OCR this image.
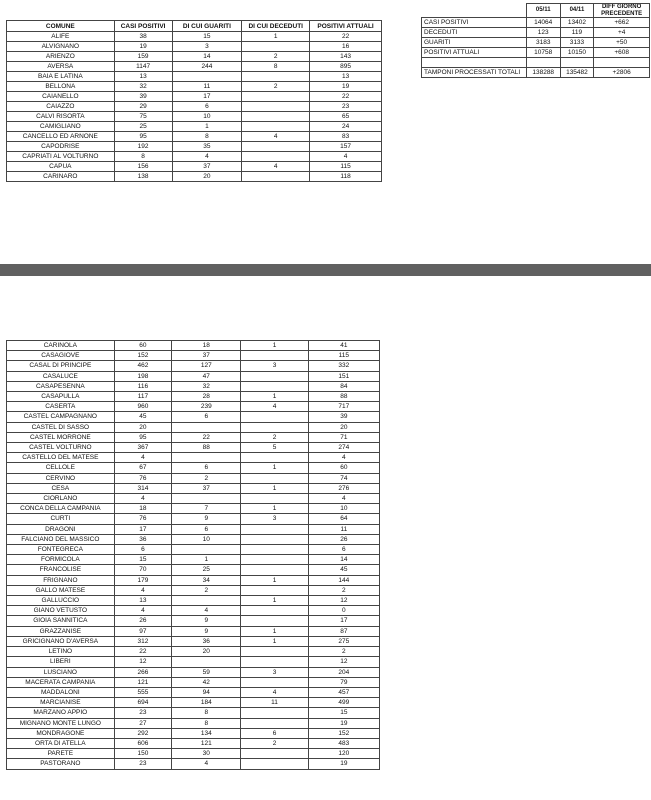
COMUNE	CASI POSITIVI	DI CUI GUARITI	DI CUI DECEDUTI	POSITIVI ATTUALI
ALIFE	38	15	1	22
ALVIGNANO	19	3		16
ARIENZO	159	14	2	143
AVERSA	1147	244	8	895
BAIA E LATINA	13			13
BELLONA	32	11	2	19
CAIANELLO	39	17		22
CAIAZZO	29	6		23
CALVI RISORTA	75	10		65
CAMIGLIANO	25	1		24
CANCELLO ED ARNONE	95	8	4	83
CAPODRISE	192	35		157
CAPRIATI AL VOLTURNO	8	4		4
CAPUA	156	37	4	115
CARINARO	138	20		118
	05/11	04/11	DIFF GIORNO PRECEDENTE
CASI POSITIVI	14064	13402	+662
DECEDUTI	123	119	+4
GUARITI	3183	3133	+50
POSITIVI ATTUALI	10758	10150	+608

TAMPONI PROCESSATI TOTALI	138288	135482	+2806
CARINOLA	60	18	1	41
CASAGIOVE	152	37		115
CASAL DI PRINCIPE	462	127	3	332
CASALUCE	198	47		151
CASAPESENNA	116	32		84
CASAPULLA	117	28	1	88
CASERTA	960	239	4	717
CASTEL CAMPAGNANO	45	6		39
CASTEL DI SASSO	20			20
CASTEL MORRONE	95	22	2	71
CASTEL VOLTURNO	367	88	5	274
CASTELLO DEL MATESE	4			4
CELLOLE	67	6	1	60
CERVINO	76	2		74
CESA	314	37	1	276
CIORLANO	4			4
CONCA DELLA CAMPANIA	18	7	1	10
CURTI	76	9	3	64
DRAGONI	17	6		11
FALCIANO DEL MASSICO	36	10		26
FONTEGRECA	6			6
FORMICOLA	15	1		14
FRANCOLISE	70	25		45
FRIGNANO	179	34	1	144
GALLO MATESE	4	2		2
GALLUCCIO	13		1	12
GIANO VETUSTO	4	4		0
GIOIA SANNITICA	26	9		17
GRAZZANISE	97	9	1	87
GRICIGNANO D'AVERSA	312	36	1	275
LETINO	22	20		2
LIBERI	12			12
LUSCIANO	266	59	3	204
MACERATA CAMPANIA	121	42		79
MADDALONI	555	94	4	457
MARCIANISE	694	184	11	499
MARZANO APPIO	23	8		15
MIGNANO MONTE LUNGO	27	8		19
MONDRAGONE	292	134	6	152
ORTA DI ATELLA	606	121	2	483
PARETE	150	30		120
PASTORANO	23	4		19
